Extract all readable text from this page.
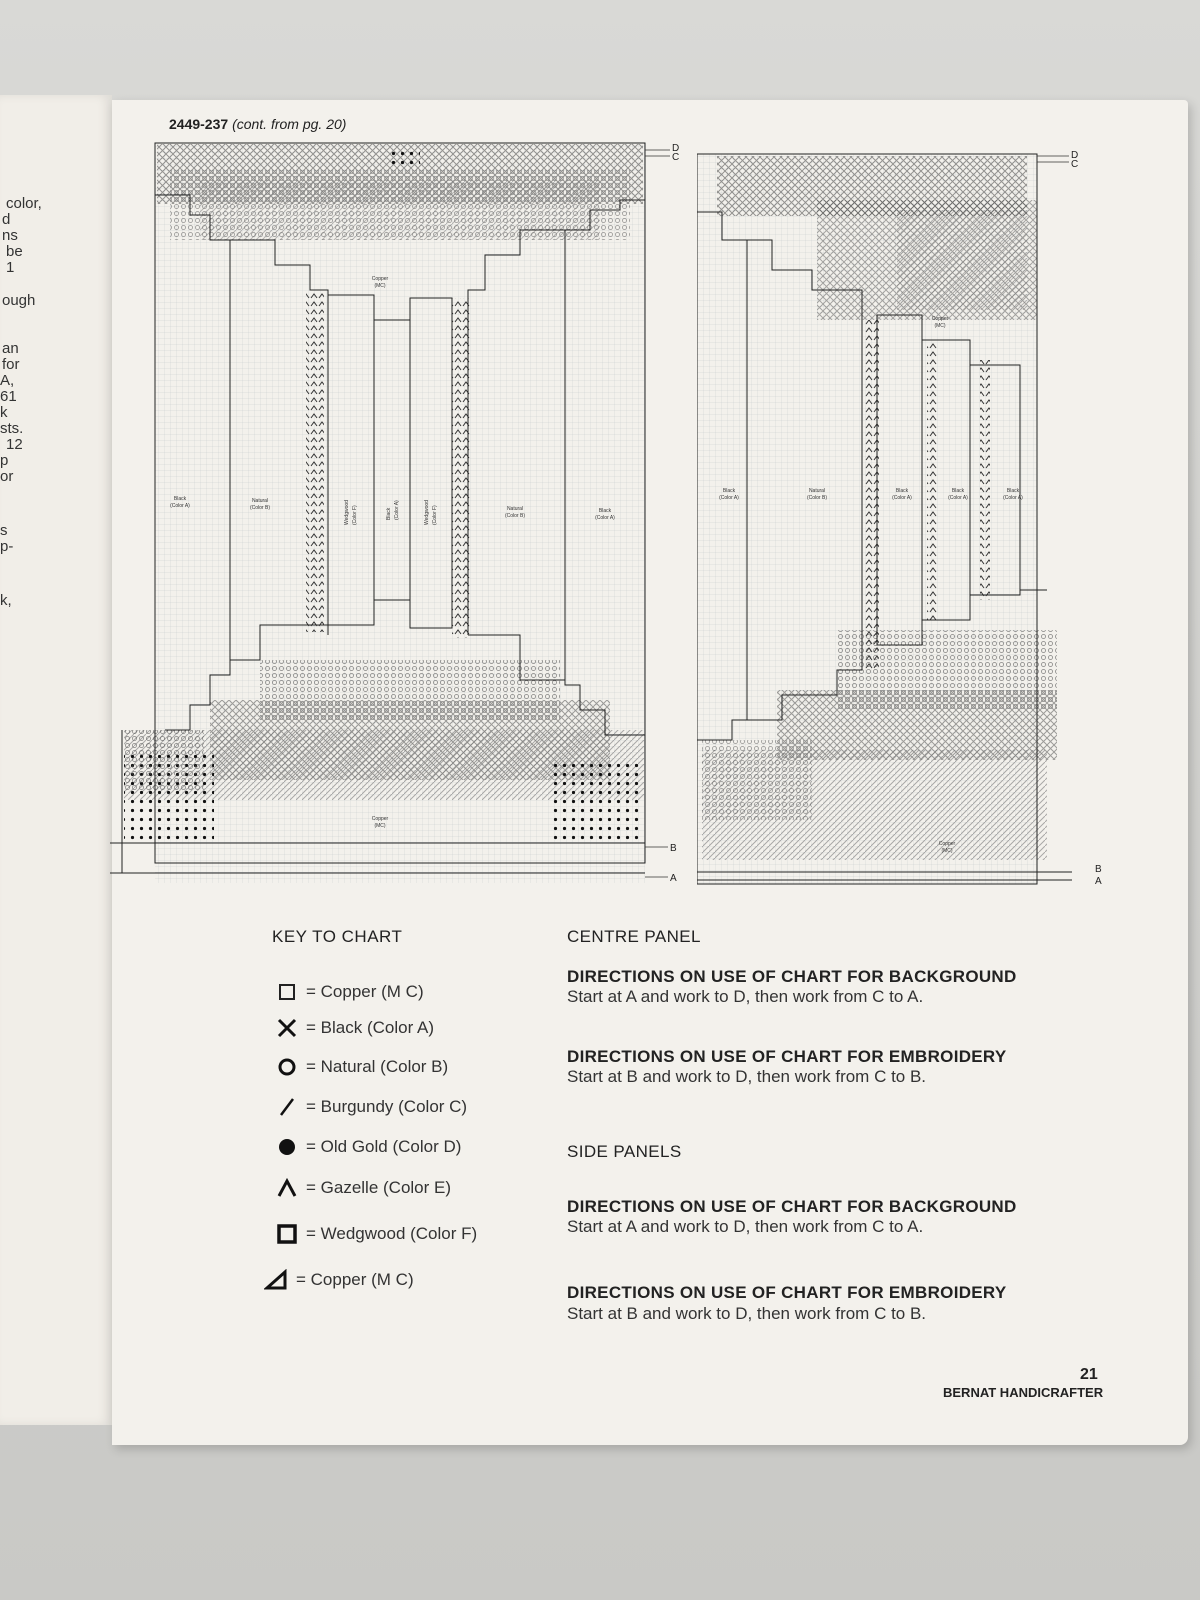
color,
d
ns
be
1
ough
an
for
A,
61
k
sts.
12
p
or
s
p-
k,
2449-237 (cont. from pg. 20)
Copper
(MC)
Black
(Color A)
Natural
(Color B)	Wedgwood (Color F)	Black (Color A)	Wedgwood (Color F)	Natural
(Color B)
Black
(Color A)
Copper
(MC)
D
C
B
A
Copper
(MC)
Black
(Color A)
Natural
(Color B)
Black
(Color A)
Black
(Color A)
Black
(Color A)
Copper
(MC)
D
C
B
A
KEY TO CHART
= Copper (M C)
= Black (Color A)
= Natural (Color B)
= Burgundy (Color C)
= Old Gold (Color D)
= Gazelle (Color E)
= Wedgwood (Color F)
= Copper (M C)
CENTRE PANEL
DIRECTIONS ON USE OF CHART FOR BACKGROUND
Start at A and work to D, then work from C to A.
DIRECTIONS ON USE OF CHART FOR EMBROIDERY
Start at B and work to D, then work from C to B.
SIDE PANELS
DIRECTIONS ON USE OF CHART FOR BACKGROUND
Start at A and work to D, then work from C to A.
DIRECTIONS ON USE OF CHART FOR EMBROIDERY
Start at B and work to D, then work from C to B.
21
BERNAT HANDICRAFTER
